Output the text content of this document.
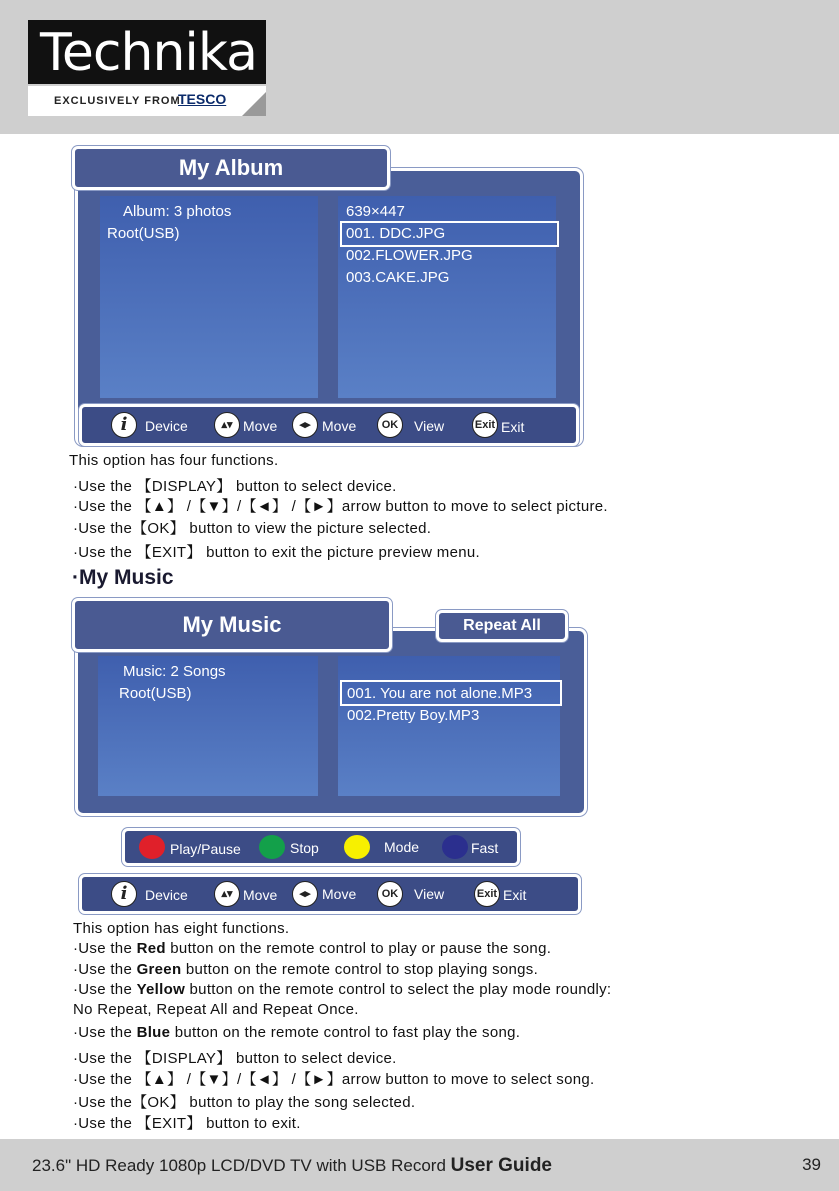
Technika
EXCLUSIVELY FROM
TESCO
My Album
Album: 3 photos
Root(USB)
639×447
001. DDC.JPG
002.FLOWER.JPG
003.CAKE.JPG
i	Device	▴▾ Move	◂▸ Move	OK	View	Exit Exit
This option has four functions.
·Use the 【DISPLAY】 button to select device.
·Use the 【▲】 /【▼】/【◄】 /【►】arrow button to move to select picture.
·Use the【OK】 button to view the picture selected.
·Use the 【EXIT】 button to exit the picture preview menu.
·My Music
My Music	Repeat All
Music: 2 Songs
Root(USB)	001. You are not alone.MP3
002.Pretty Boy.MP3
Play/Pause	Stop	Mode	Fast
i	Device	▴▾ Move	◂▸ Move	OK	View	Exit Exit
This option has eight functions.
·Use the Red button on the remote control to play or pause the song.
·Use the Green button on the remote control to stop playing songs.
·Use the Yellow button on the remote control to select the play mode roundly:
No Repeat, Repeat All and Repeat Once.
·Use the Blue button on the remote control to fast play the song.
·Use the 【DISPLAY】 button to select device.
·Use the 【▲】 /【▼】/【◄】 /【►】arrow button to move to select song.
·Use the【OK】 button to play the song selected.
·Use the 【EXIT】 button to exit.
23.6" HD Ready 1080p LCD/DVD TV with USB Record User Guide	39
